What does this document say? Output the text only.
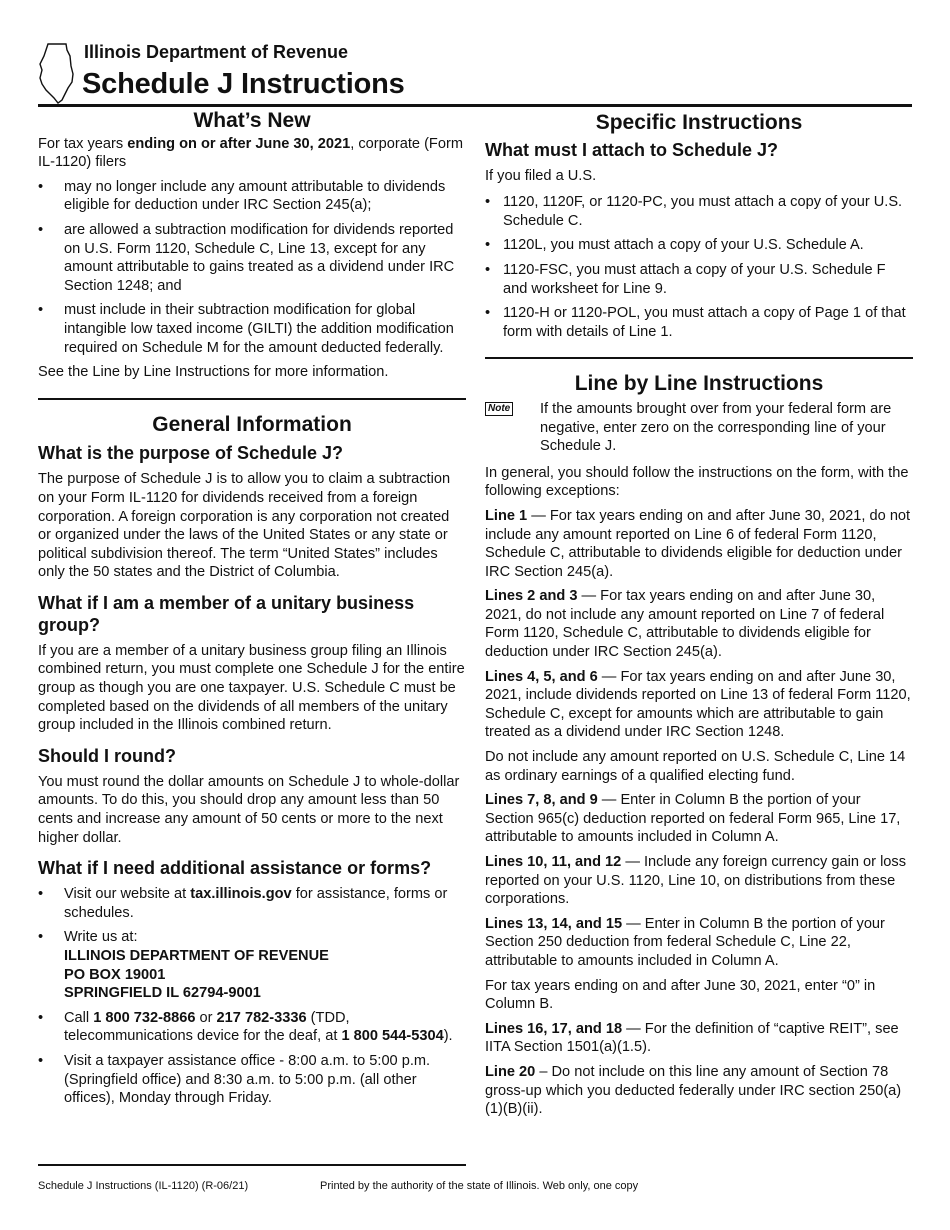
Illinois Department of Revenue
Schedule J Instructions
What’s New

For tax years ending on or after June 30, 2021, corporate (Form IL-1120) filers

• may no longer include any amount attributable to dividends eligible for deduction under IRC Section 245(a);
• are allowed a subtraction modification for dividends reported on U.S. Form 1120, Schedule C, Line 13, except for any amount attributable to gains treated as a dividend under IRC Section 1248; and
• must include in their subtraction modification for global intangible low taxed income (GILTI) the addition modification required on Schedule M for the amount deducted federally.

See the Line by Line Instructions for more information.

General Information
What is the purpose of Schedule J?

The purpose of Schedule J is to allow you to claim a subtraction on your Form IL-1120 for dividends received from a foreign corporation. A foreign corporation is any corporation not created or organized under the laws of the United States or any state or political subdivision thereof. The term “United States” includes only the 50 states and the District of Columbia.

What if I am a member of a unitary business group?

If you are a member of a unitary business group filing an Illinois combined return, you must complete one Schedule J for the entire group as though you are one taxpayer. U.S. Schedule C must be completed based on the dividends of all members of the unitary group included in the Illinois combined return.

Should I round?

You must round the dollar amounts on Schedule J to whole-dollar amounts. To do this, you should drop any amount less than 50 cents and increase any amount of 50 cents or more to the next higher dollar.

What if I need additional assistance or forms?
• Visit our website at tax.illinois.gov for assistance, forms or schedules.
• Write us at:
ILLINOIS DEPARTMENT OF REVENUE
PO BOX 19001
SPRINGFIELD IL 62794-9001
• Call 1 800 732-8866 or 217 782-3336 (TDD, telecommunications device for the deaf, at 1 800 544-5304).
• Visit a taxpayer assistance office - 8:00 a.m. to 5:00 p.m. (Springfield office) and 8:30 a.m. to 5:00 p.m. (all other offices), Monday through Friday.
Specific Instructions
What must I attach to Schedule J?

If you filed a U.S.

• 1120, 1120F, or 1120-PC, you must attach a copy of your U.S. Schedule C.
• 1120L, you must attach a copy of your U.S. Schedule A.
• 1120-FSC, you must attach a copy of your U.S. Schedule F and worksheet for Line 9.
• 1120-H or 1120-POL, you must attach a copy of Page 1 of that form with details of Line 1.
Line by Line Instructions
Note If the amounts brought over from your federal form are negative, enter zero on the corresponding line of your Schedule J.

In general, you should follow the instructions on the form, with the following exceptions:

Line 1 — For tax years ending on and after June 30, 2021, do not include any amount reported on Line 6 of federal Form 1120, Schedule C, attributable to dividends eligible for deduction under IRC Section 245(a).

Lines 2 and 3 — For tax years ending on and after June 30, 2021, do not include any amount reported on Line 7 of federal Form 1120, Schedule C, attributable to dividends eligible for deduction under IRC Section 245(a).

Lines 4, 5, and 6 — For tax years ending on and after June 30, 2021, include dividends reported on Line 13 of federal Form 1120, Schedule C, except for amounts which are attributable to gain treated as a dividend under IRC Section 1248.

Do not include any amount reported on U.S. Schedule C, Line 14 as ordinary earnings of a qualified electing fund.

Lines 7, 8, and 9 — Enter in Column B the portion of your Section 965(c) deduction reported on federal Form 965, Line 17, attributable to amounts included in Column A.

Lines 10, 11, and 12 — Include any foreign currency gain or loss reported on your U.S. 1120, Line 10, on distributions from these corporations.

Lines 13, 14, and 15 — Enter in Column B the portion of your Section 250 deduction from federal Schedule C, Line 22, attributable to amounts included in Column A.

For tax years ending on and after June 30, 2021, enter “0” in Column B.

Lines 16, 17, and 18 — For the definition of “captive REIT”, see IITA Section 1501(a)(1.5).

Line 20 – Do not include on this line any amount of Section 78 gross-up which you deducted federally under IRC section 250(a)(1)(B)(ii).

Schedule J Instructions (IL-1120) (R-06/21)	Printed by the authority of the state of Illinois. Web only, one copy
